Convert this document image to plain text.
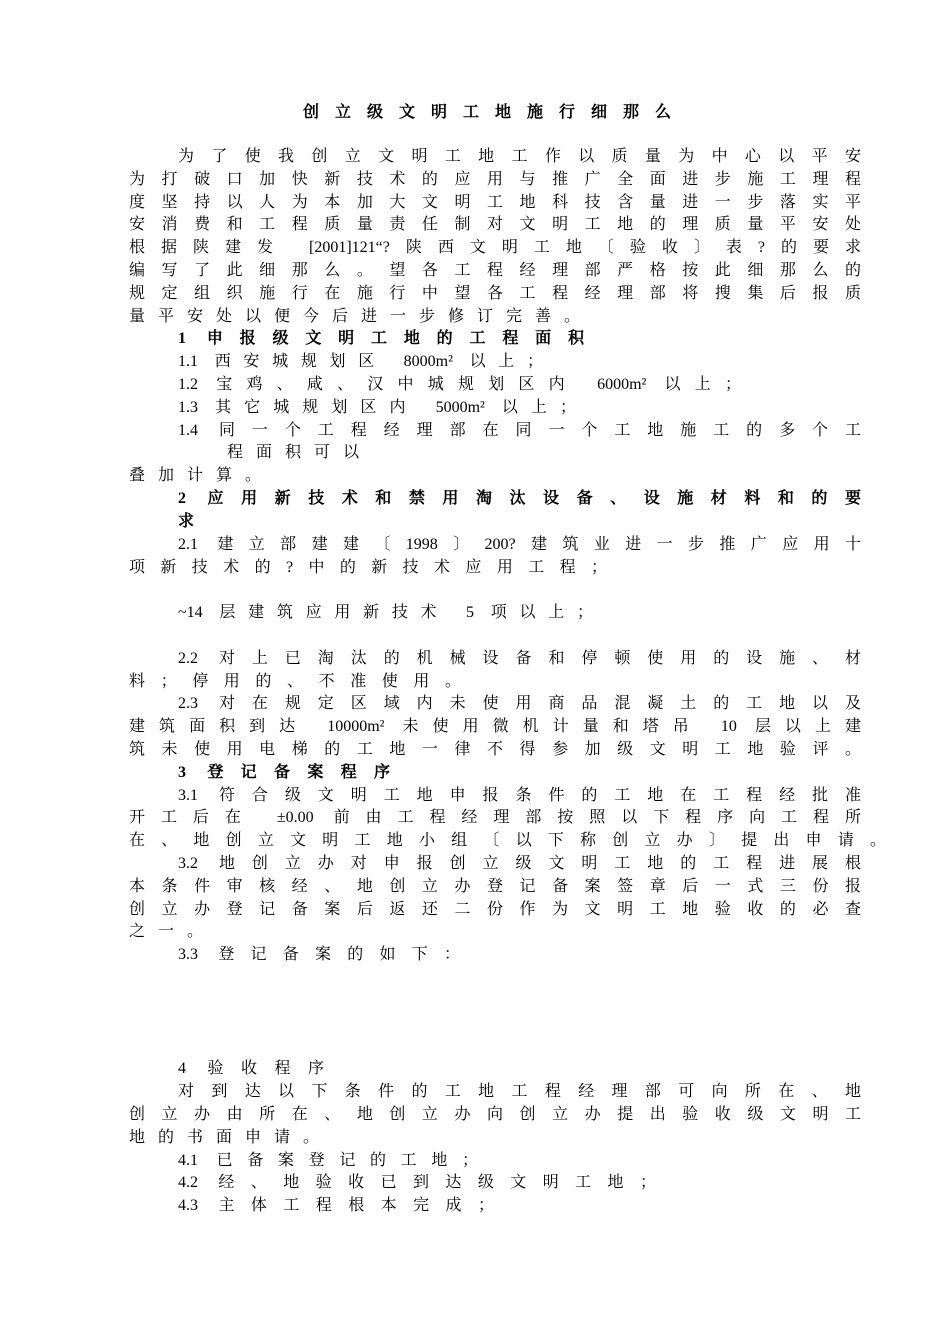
创立级文明工地施行细那么
为了使我创立文明工地工作以质量为中心以平安
为打破口加快新技术的应用与推广全面进步施工理程
度坚持以人为本加大文明工地科技含量进一步落实平
安消费和工程质量责任制对文明工地的理质量平安处
根据陕建发 [2001]121“?陕西文明工地〔验收〕表?的要求
编写了此细那么。望各工程经理部严格按此细那么的
规定组织施行在施行中望各工程经理部将搜集后报质
量平安处以便今后进一步修订完善。
1 申报级文明工地的工程面积
1.1 西安城规划区 8000m² 以上；
1.2 宝鸡、咸、汉中城规划区内 6000m² 以上；
1.3 其它城规划区内 5000m² 以上；
1.4 同一个工程经理部在同一个工地施工的多个工
程面积可以
叠加计算。
2 应用新技术和禁用淘汰设备、设施材料和的要
求
2.1 建立部建建〔1998〕200?建筑业进一步推广应用十
项新技术的?中的新技术应用工程；
~14 层建筑应用新技术 5 项以上；
2.2 对上已淘汰的机械设备和停顿使用的设施、材
料；停用的、不准使用。
2.3 对在规定区域内未使用商品混凝土的工地以及
建筑面积到达 10000m² 未使用微机计量和塔吊 10 层以上建
筑未使用电梯的工地一律不得参加级文明工地验评。
3 登记备案程序
3.1 符合级文明工地申报条件的工地在工程经批准
开工后在 ±0.00 前由工程经理部按照以下程序向工程所
在、地创立文明工地小组〔以下称创立办〕提出申请。
3.2 地创立办对申报创立级文明工地的工程进展根
本条件审核经、地创立办登记备案签章后一式三份报
创立办登记备案后返还二份作为文明工地验收的必查
之一。
3.3 登记备案的如下：
4 验收程序
对到达以下条件的工地工程经理部可向所在、地
创立办由所在、地创立办向创立办提出验收级文明工
地的书面申请。
4.1 已备案登记的工地；
4.2 经、地验收已到达级文明工地；
4.3 主体工程根本完成；
